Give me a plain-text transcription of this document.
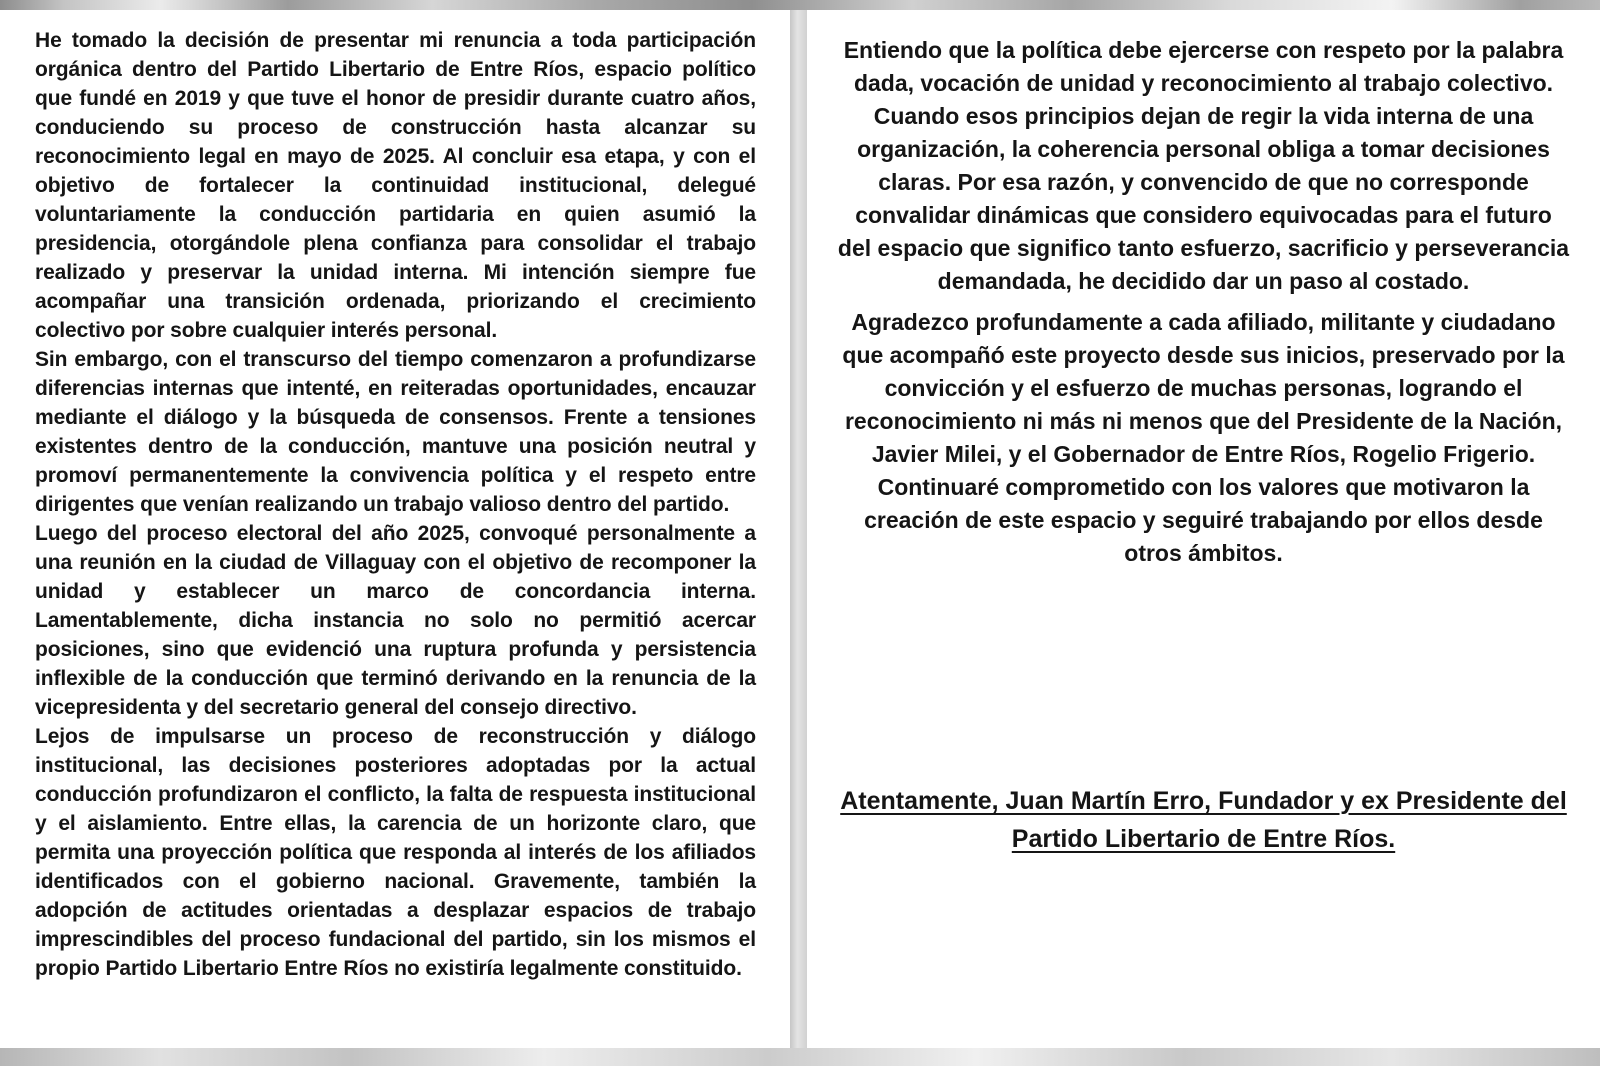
He tomado la decisión de presentar mi renuncia a toda participación orgánica dentro del Partido Libertario de Entre Ríos, espacio político que fundé en 2019 y que tuve el honor de presidir durante cuatro años, conduciendo su proceso de construcción hasta alcanzar su reconocimiento legal en mayo de 2025. Al concluir esa etapa, y con el objetivo de fortalecer la continuidad institucional, delegué voluntariamente la conducción partidaria en quien asumió la presidencia, otorgándole plena confianza para consolidar el trabajo realizado y preservar la unidad interna. Mi intención siempre fue acompañar una transición ordenada, priorizando el crecimiento colectivo por sobre cualquier interés personal.

Sin embargo, con el transcurso del tiempo comenzaron a profundizarse diferencias internas que intenté, en reiteradas oportunidades, encauzar mediante el diálogo y la búsqueda de consensos. Frente a tensiones existentes dentro de la conducción, mantuve una posición neutral y promoví permanentemente la convivencia política y el respeto entre dirigentes que venían realizando un trabajo valioso dentro del partido.

Luego del proceso electoral del año 2025, convoqué personalmente a una reunión en la ciudad de Villaguay con el objetivo de recomponer la unidad y establecer un marco de concordancia interna. Lamentablemente, dicha instancia no solo no permitió acercar posiciones, sino que evidenció una ruptura profunda y persistencia inflexible de la conducción que terminó derivando en la renuncia de la vicepresidenta y del secretario general del consejo directivo.

Lejos de impulsarse un proceso de reconstrucción y diálogo institucional, las decisiones posteriores adoptadas por la actual conducción profundizaron el conflicto, la falta de respuesta institucional y el aislamiento. Entre ellas, la carencia de un horizonte claro, que permita una proyección política que responda al interés de los afiliados identificados con el gobierno nacional. Gravemente, también la adopción de actitudes orientadas a desplazar espacios de trabajo imprescindibles del proceso fundacional del partido, sin los mismos el propio Partido Libertario Entre Ríos no existiría legalmente constituido.

Entiendo que la política debe ejercerse con respeto por la palabra dada, vocación de unidad y reconocimiento al trabajo colectivo. Cuando esos principios dejan de regir la vida interna de una organización, la coherencia personal obliga a tomar decisiones claras. Por esa razón, y convencido de que no corresponde convalidar dinámicas que considero equivocadas para el futuro del espacio que significo tanto esfuerzo, sacrificio y perseverancia demandada, he decidido dar un paso al costado.

Agradezco profundamente a cada afiliado, militante y ciudadano que acompañó este proyecto desde sus inicios, preservado por la convicción y el esfuerzo de muchas personas, logrando el reconocimiento ni más ni menos que del Presidente de la Nación, Javier Milei, y el Gobernador de Entre Ríos, Rogelio Frigerio. Continuaré comprometido con los valores que motivaron la creación de este espacio y seguiré trabajando por ellos desde otros ámbitos.

Atentamente, Juan Martín Erro, Fundador y ex Presidente del Partido Libertario de Entre Ríos.
